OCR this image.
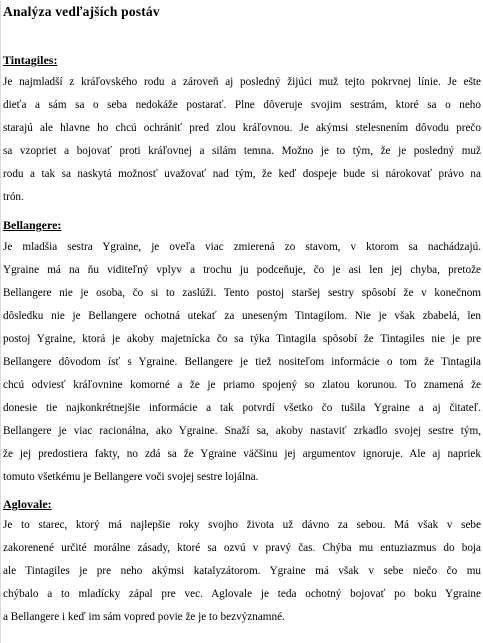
Analýza vedľajších postáv
Tintagiles:
Je najmladší z kráľovského rodu a zároveň aj posledný žijúci muž tejto pokrvnej línie. Je ešte
dieťa a sám sa o seba nedokáže postarať. Plne dôveruje svojim sestrám, ktoré sa o neho
starajú ale hlavne ho chcú ochrániť pred zlou kráľovnou. Je akýmsi stelesnením dôvodu prečo
sa vzopriet a bojovať proti kráľovnej a silám temna. Možno je to tým, že je posledný muž
rodu a tak sa naskytá možnosť uvažovať nad tým, že keď dospeje bude si nárokovať právo na
trón.
Bellangere:
Je mladšia sestra Ygraine, je oveľa viac zmierená zo stavom, v ktorom sa nachádzajú.
Ygraine má na ňu viditeľný vplyv a trochu ju podceňuje, čo je asi len jej chyba, pretože
Bellangere nie je osoba, čo si to zaslúži. Tento postoj staršej sestry spôsobí že v konečnom
dôsledku nie je Bellangere ochotná utekať za uneseným Tintagilom. Nie je však zbabelá, len
postoj Ygraine, ktorá je akoby majetnícka čo sa týka Tintagila spôsobí že Tintagiles nie je pre
Bellangere dôvodom ísť s Ygraine. Bellangere je tiež nositeľom informácie o tom že Tintagila
chcú odviesť kráľovnine komorné a že je priamo spojený so zlatou korunou. To znamená že
donesie tie najkonkrétnejšie informácie a tak potvrdí všetko čo tušila Ygraine a aj čitateľ.
Bellangere je viac racionálna, ako Ygraine. Snaží sa, akoby nastaviť zrkadlo svojej sestre tým,
že jej predostiera fakty, no zdá sa že Ygraine väčšinu jej argumentov ignoruje. Ale aj napriek
tomuto všetkému je Bellangere voči svojej sestre lojálna.
Aglovale:
Je to starec, ktorý má najlepšie roky svojho života už dávno za sebou. Má však v sebe
zakorenené určité morálne zásady, ktoré sa ozvú v pravý čas. Chýba mu entuziazmus do boja
ale Tintagiles je pre neho akýmsi katalyzátorom. Ygraine má však v sebe niečo čo mu
chýbalo a to mladícky zápal pre vec. Aglovale je teda ochotný bojovať po boku Ygraine
a Bellangere i keď im sám vopred povie že je to bezvýznamné.
